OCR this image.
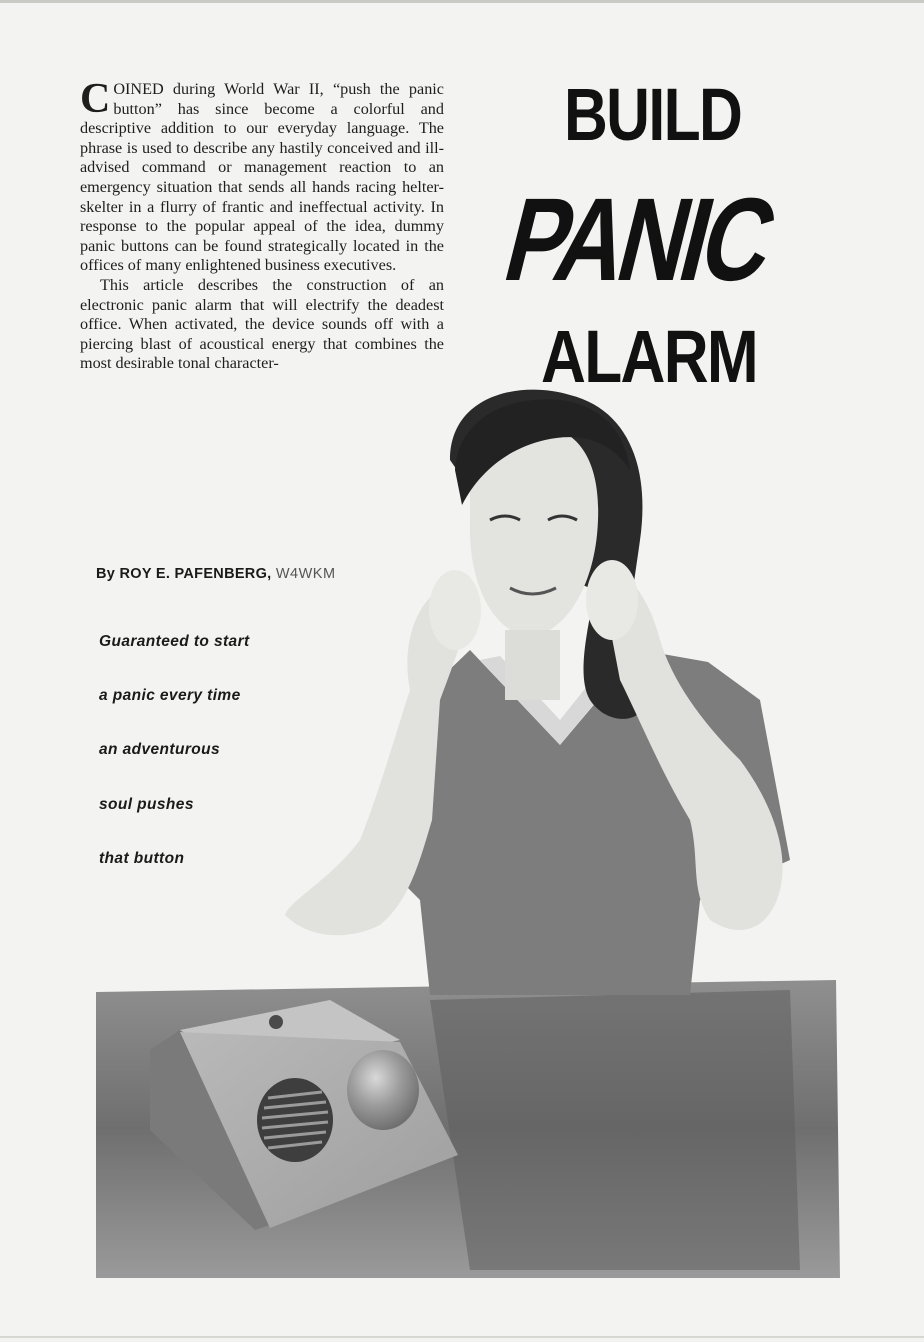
COINED during World War II, “push the panic button” has since become a colorful and descriptive addition to our everyday language. The phrase is used to describe any hastily conceived and ill-advised command or management reaction to an emergency situation that sends all hands racing helter-skelter in a flurry of frantic and ineffectual activity. In response to the popular appeal of the idea, dummy panic buttons can be found strategically located in the offices of many enlightened business executives.

This article describes the construction of an electronic panic alarm that will electrify the deadest office. When activated, the device sounds off with a piercing blast of acoustical energy that combines the most desirable tonal character-

BUILD
PANIC
ALARM

By ROY E. PAFENBERG, W4WKM

Guaranteed to start

a panic every time

an adventurous

soul pushes

that button
